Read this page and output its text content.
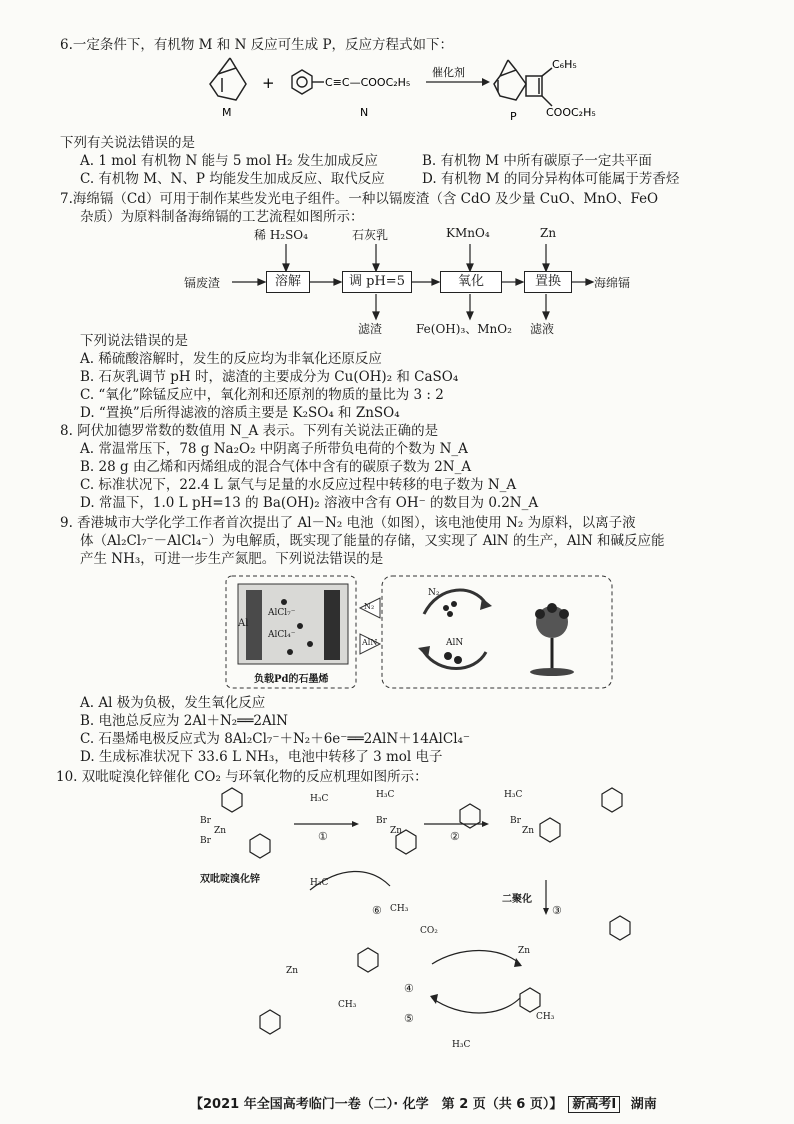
6.一定条件下，有机物 M 和 N 反应可生成 P，反应方程式如下：
M
+	C≡C—COOC₂H₅
N
催化剂
C₆H₅
COOC₂H₅
P
下列有关说法错误的是
A. 1 mol 有机物 N 能与 5 mol H₂ 发生加成反应	B. 有机物 M 中所有碳原子一定共平面
C. 有机物 M、N、P 均能发生加成反应、取代反应	D. 有机物 M 的同分异构体可能属于芳香烃
7.海绵镉（Cd）可用于制作某些发光电子组件。一种以镉废渣（含 CdO 及少量 CuO、MnO、FeO
杂质）为原料制备海绵镉的工艺流程如图所示：
稀 H₂SO₄	石灰乳	KMnO₄	Zn
镉废渣	溶解	调 pH=5	氧化	置换	海绵镉
滤渣	Fe(OH)₃、MnO₂ 滤液
下列说法错误的是
A. 稀硫酸溶解时，发生的反应均为非氧化还原反应
B. 石灰乳调节 pH 时，滤渣的主要成分为 Cu(OH)₂ 和 CaSO₄
C. “氧化”除锰反应中，氧化剂和还原剂的物质的量比为 3 : 2
D. “置换”后所得滤液的溶质主要是 K₂SO₄ 和 ZnSO₄
8. 阿伏加德罗常数的数值用 N_A 表示。下列有关说法正确的是
A. 常温常压下，78 g Na₂O₂ 中阴离子所带负电荷的个数为 N_A
B. 28 g 由乙烯和丙烯组成的混合气体中含有的碳原子数为 2N_A
C. 标准状况下，22.4 L 氯气与足量的水反应过程中转移的电子数为 N_A
D. 常温下，1.0 L pH=13 的 Ba(OH)₂ 溶液中含有 OH⁻ 的数目为 0.2N_A
9. 香港城市大学化学工作者首次提出了 Al－N₂ 电池（如图），该电池使用 N₂ 为原料，以离子液
体（Al₂Cl₇⁻－AlCl₄⁻）为电解质，既实现了能量的存储，又实现了 AlN 的生产，AlN 和碱反应能
产生 NH₃，可进一步生产氮肥。下列说法错误的是
Al
AlCl₇⁻
AlCl₄⁻
负载Pd的石墨烯
N₂
AlN
N₂
AlN
A. Al 极为负极，发生氧化反应
B. 电池总反应为 2Al＋N₂══2AlN
C. 石墨烯电极反应式为 8Al₂Cl₇⁻＋N₂＋6e⁻══2AlN＋14AlCl₄⁻
D. 生成标准状况下 33.6 L NH₃，电池中转移了 3 mol 电子
10. 双吡啶溴化锌催化 CO₂ 与环氧化物的反应机理如图所示：
Br
Zn
Br
双吡啶溴化锌
H₃C
①	②
H₃C
Br
Zn
H₃C
Br
Zn
二聚化
③
H₃C
⑥ CH₃
CO₂
④
⑤
Zn
CH₃
Zn
CH₃
H₃C
【2021 年全国高考临门一卷（二）· 化学　第 2 页（共 6 页）】 新高考Ⅰ 湖南
